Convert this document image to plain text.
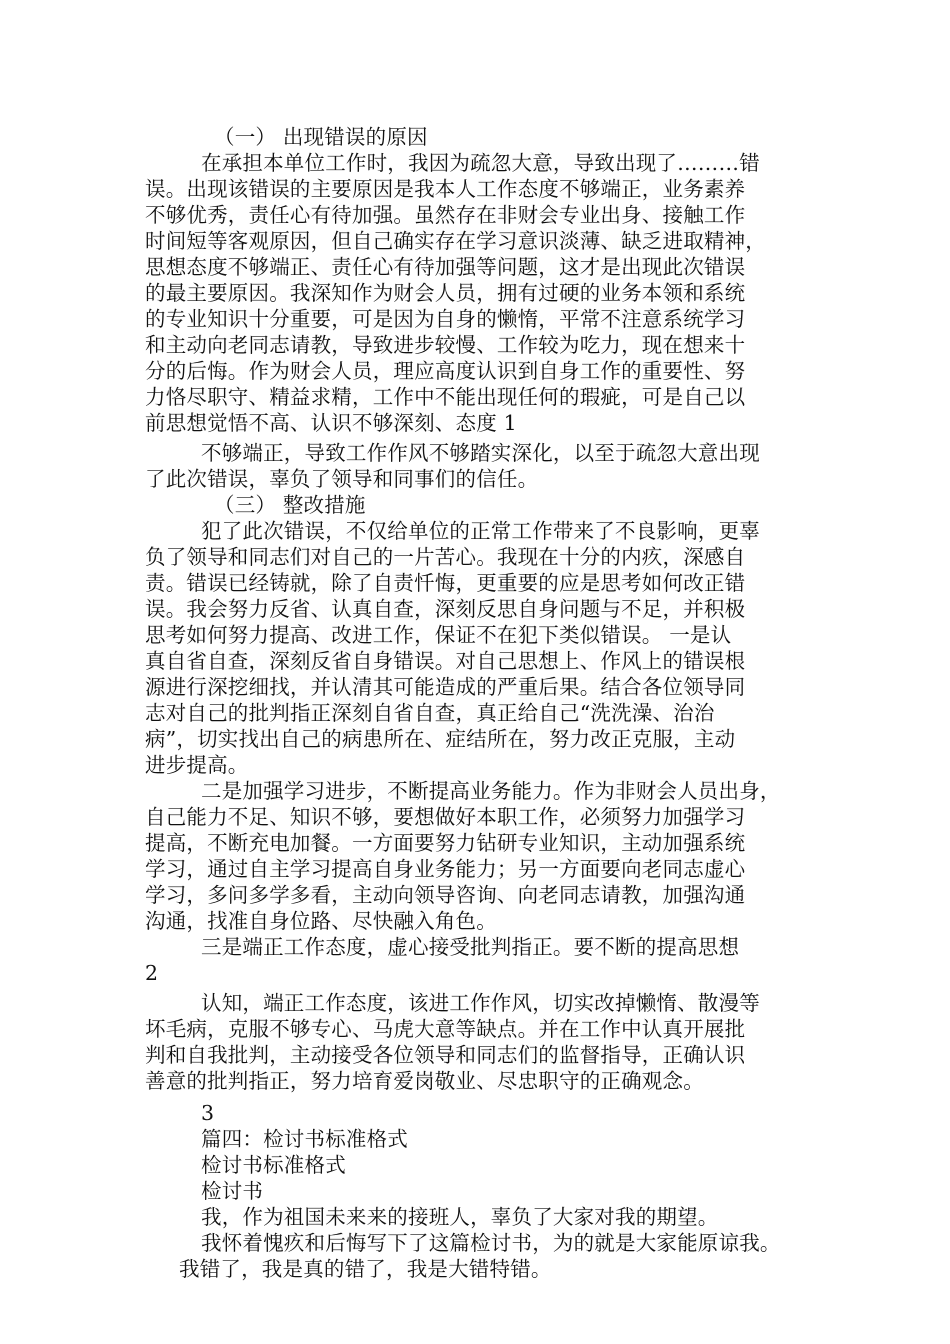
（一） 出现错误的原因
在承担本单位工作时，我因为疏忽大意，导致出现了………错
误。出现该错误的主要原因是我本人工作态度不够端正，业务素养
不够优秀，责任心有待加强。虽然存在非财会专业出身、接触工作
时间短等客观原因，但自己确实存在学习意识淡薄、缺乏进取精神，
思想态度不够端正、责任心有待加强等问题，这才是出现此次错误
的最主要原因。我深知作为财会人员，拥有过硬的业务本领和系统
的专业知识十分重要，可是因为自身的懒惰，平常不注意系统学习
和主动向老同志请教，导致进步较慢、工作较为吃力，现在想来十
分的后悔。作为财会人员，理应高度认识到自身工作的重要性、努
力恪尽职守、精益求精，工作中不能出现任何的瑕疵，可是自己以
前思想觉悟不高、认识不够深刻、态度 1
不够端正，导致工作作风不够踏实深化，以至于疏忽大意出现
了此次错误，辜负了领导和同事们的信任。
（三） 整改措施
犯了此次错误，不仅给单位的正常工作带来了不良影响，更辜
负了领导和同志们对自己的一片苦心。我现在十分的内疚，深感自
责。错误已经铸就，除了自责忏悔，更重要的应是思考如何改正错
误。我会努力反省、认真自查，深刻反思自身问题与不足，并积极
思考如何努力提高、改进工作，保证不在犯下类似错误。 一是认
真自省自查，深刻反省自身错误。对自己思想上、作风上的错误根
源进行深挖细找，并认清其可能造成的严重后果。结合各位领导同
志对自己的批判指正深刻自省自查，真正给自己“洗洗澡、治治
病”，切实找出自己的病患所在、症结所在，努力改正克服，主动
进步提高。
二是加强学习进步，不断提高业务能力。作为非财会人员出身，
自己能力不足、知识不够，要想做好本职工作，必须努力加强学习
提高，不断充电加餐。一方面要努力钻研专业知识，主动加强系统
学习，通过自主学习提高自身业务能力；另一方面要向老同志虚心
学习，多问多学多看，主动向领导咨询、向老同志请教，加强沟通
沟通，找准自身位路、尽快融入角色。
三是端正工作态度，虚心接受批判指正。要不断的提高思想
2
认知，端正工作态度，该进工作作风，切实改掉懒惰、散漫等
坏毛病，克服不够专心、马虎大意等缺点。并在工作中认真开展批
判和自我批判，主动接受各位领导和同志们的监督指导，正确认识
善意的批判指正，努力培育爱岗敬业、尽忠职守的正确观念。
3
篇四：检讨书标准格式
检讨书标准格式
检讨书
我，作为祖国未来来的接班人，辜负了大家对我的期望。
我怀着愧疚和后悔写下了这篇检讨书，为的就是大家能原谅我。
我错了，我是真的错了，我是大错特错。
